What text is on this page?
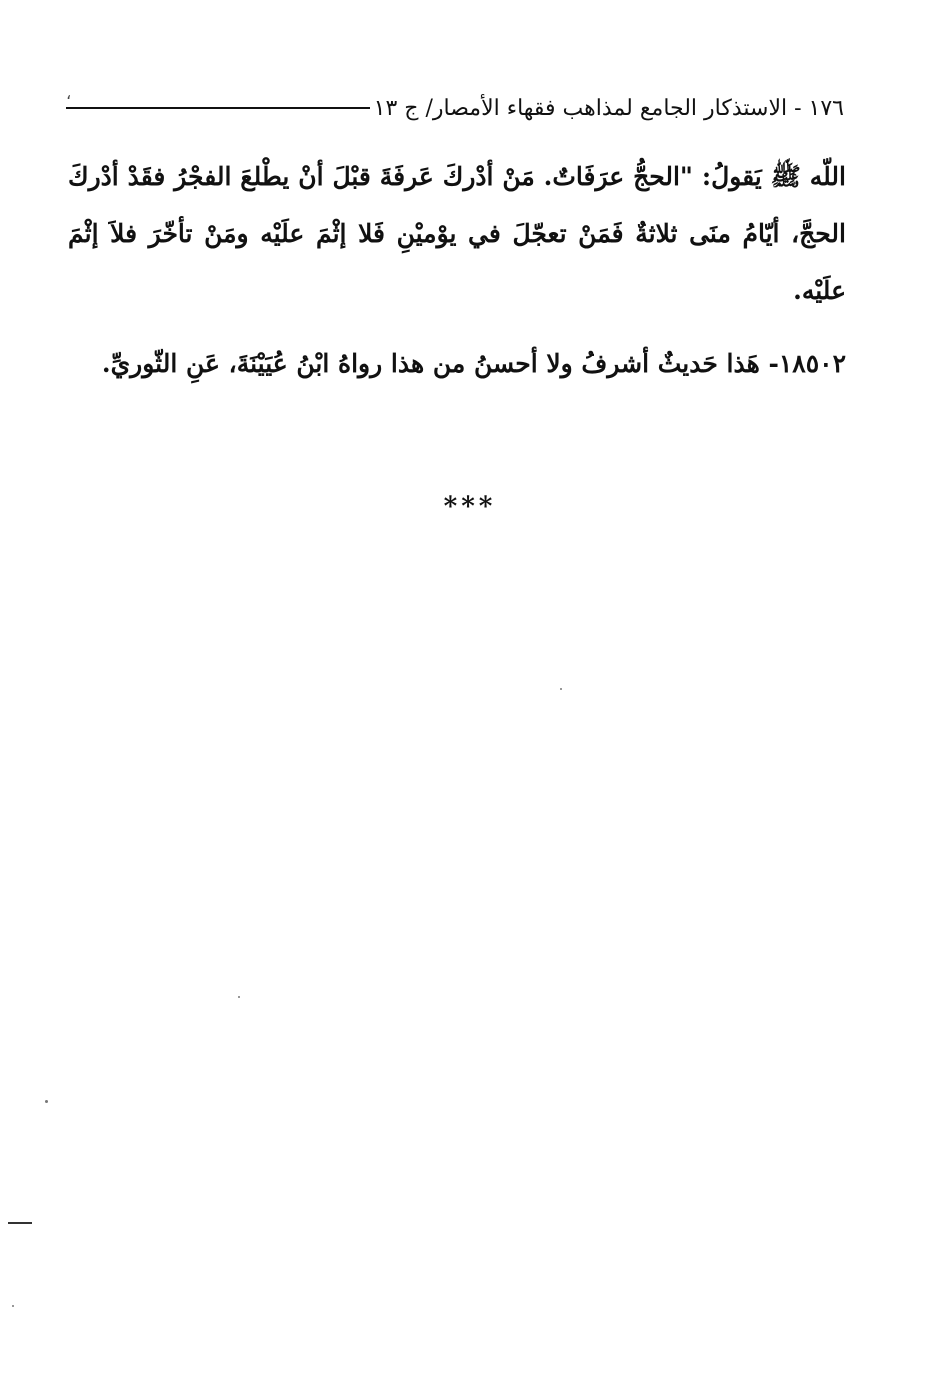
١٧٦ - الاستذكار الجامع لمذاهب فقهاء الأمصار/ ج ١٣
،

اللّه ﷺ يَقولُ: "الحجُّ عرَفَاتٌ. مَنْ أدْركَ عَرفَةَ قبْلَ أنْ يطْلعَ الفجْرُ فقَدْ أدْركَ الحجَّ، أيّامُ منَى ثلاثةٌ فَمَنْ تعجّلَ في يوْميْنِ فَلا إثْمَ علَيْه ومَنْ تأخّرَ فلاَ إثْمَ علَيْه.

١٨٥٠٢- هَذا حَديثٌ أشرفُ ولا أحسنُ من هذا رواهُ ابْنُ عُيَيْنَةَ، عَنِ الثّوريِّ.

***
